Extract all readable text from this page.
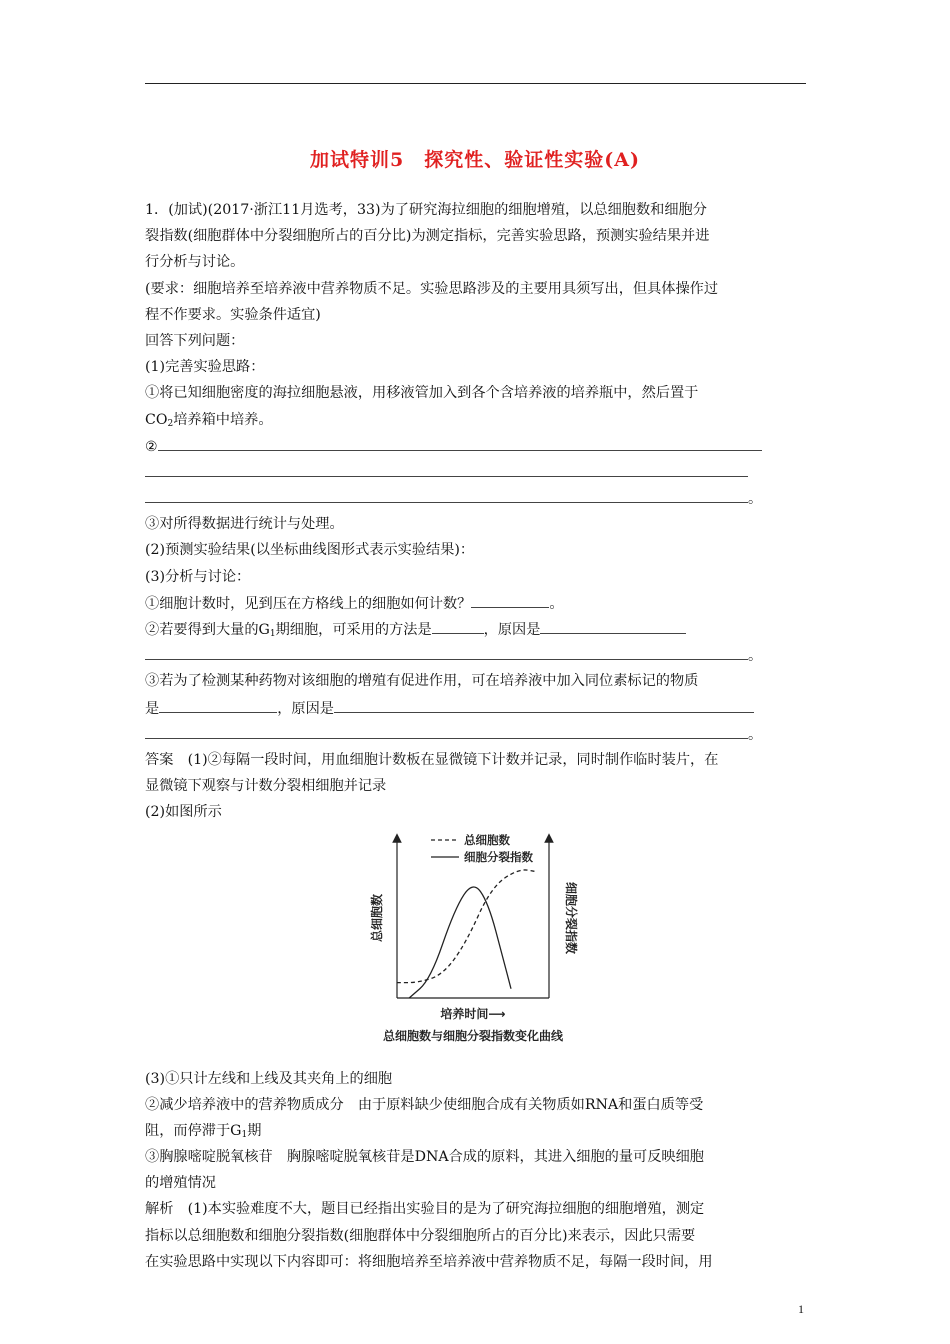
加试特训5　探究性、验证性实验(A)
1．(加试)(2017·浙江11月选考，33)为了研究海拉细胞的细胞增殖，以总细胞数和细胞分
裂指数(细胞群体中分裂细胞所占的百分比)为测定指标，完善实验思路，预测实验结果并进
行分析与讨论。
(要求：细胞培养至培养液中营养物质不足。实验思路涉及的主要用具须写出，但具体操作过
程不作要求。实验条件适宜)
回答下列问题：
(1)完善实验思路：
①将已知细胞密度的海拉细胞悬液，用移液管加入到各个含培养液的培养瓶中，然后置于
$CO_2$培养箱中培养。
②
。
③对所得数据进行统计与处理。
(2)预测实验结果(以坐标曲线图形式表示实验结果)：
(3)分析与讨论：
①细胞计数时，见到压在方格线上的细胞如何计数？	。
②若要得到大量的$G_1$期细胞，可采用的方法是	，原因是
。
③若为了检测某种药物对该细胞的增殖有促进作用，可在培养液中加入同位素标记的物质
是	，原因是
。
答案　(1)②每隔一段时间，用血细胞计数板在显微镜下计数并记录，同时制作临时装片，在
显微镜下观察与计数分裂相细胞并记录
(2)如图所示
总细胞数	细胞分裂指数
培养时间⟶
总细胞数
细胞分裂指数
总细胞数与细胞分裂指数变化曲线
(3)①只计左线和上线及其夹角上的细胞
②减少培养液中的营养物质成分　由于原料缺少使细胞合成有关物质如RNA和蛋白质等受
阻，而停滞于$G_1$期
③胸腺嘧啶脱氧核苷　胸腺嘧啶脱氧核苷是DNA合成的原料，其进入细胞的量可反映细胞
的增殖情况
解析　(1)本实验难度不大，题目已经指出实验目的是为了研究海拉细胞的细胞增殖，测定
指标以总细胞数和细胞分裂指数(细胞群体中分裂细胞所占的百分比)来表示，因此只需要
在实验思路中实现以下内容即可：将细胞培养至培养液中营养物质不足，每隔一段时间，用
1
